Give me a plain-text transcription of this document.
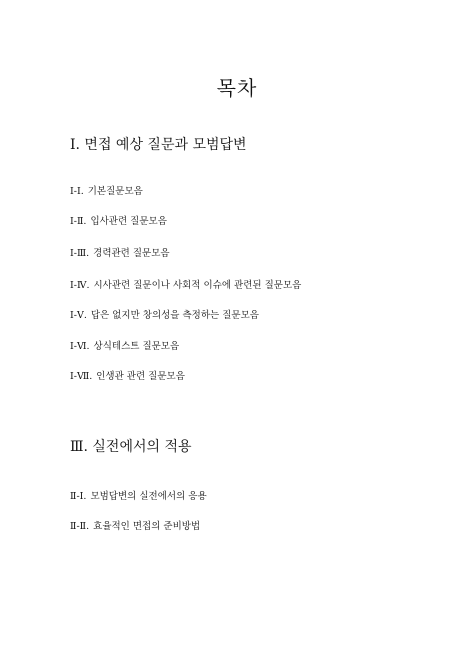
목차
Ⅰ. 면접 예상 질문과 모범답변
Ⅰ-Ⅰ. 기본질문모음
Ⅰ-Ⅱ. 입사관련 질문모음
Ⅰ-Ⅲ. 경력관련 질문모음
Ⅰ-Ⅳ. 시사관련 질문이나 사회적 이슈에 관련된 질문모음
Ⅰ-Ⅴ. 답은 없지만 창의성을 측정하는 질문모음
Ⅰ-Ⅵ. 상식테스트 질문모음
Ⅰ-Ⅶ. 인생관 관련 질문모음
Ⅲ. 실전에서의 적용
Ⅱ-Ⅰ. 모범답변의 실전에서의 응용
Ⅱ-Ⅱ. 효율적인 면접의 준비방법
